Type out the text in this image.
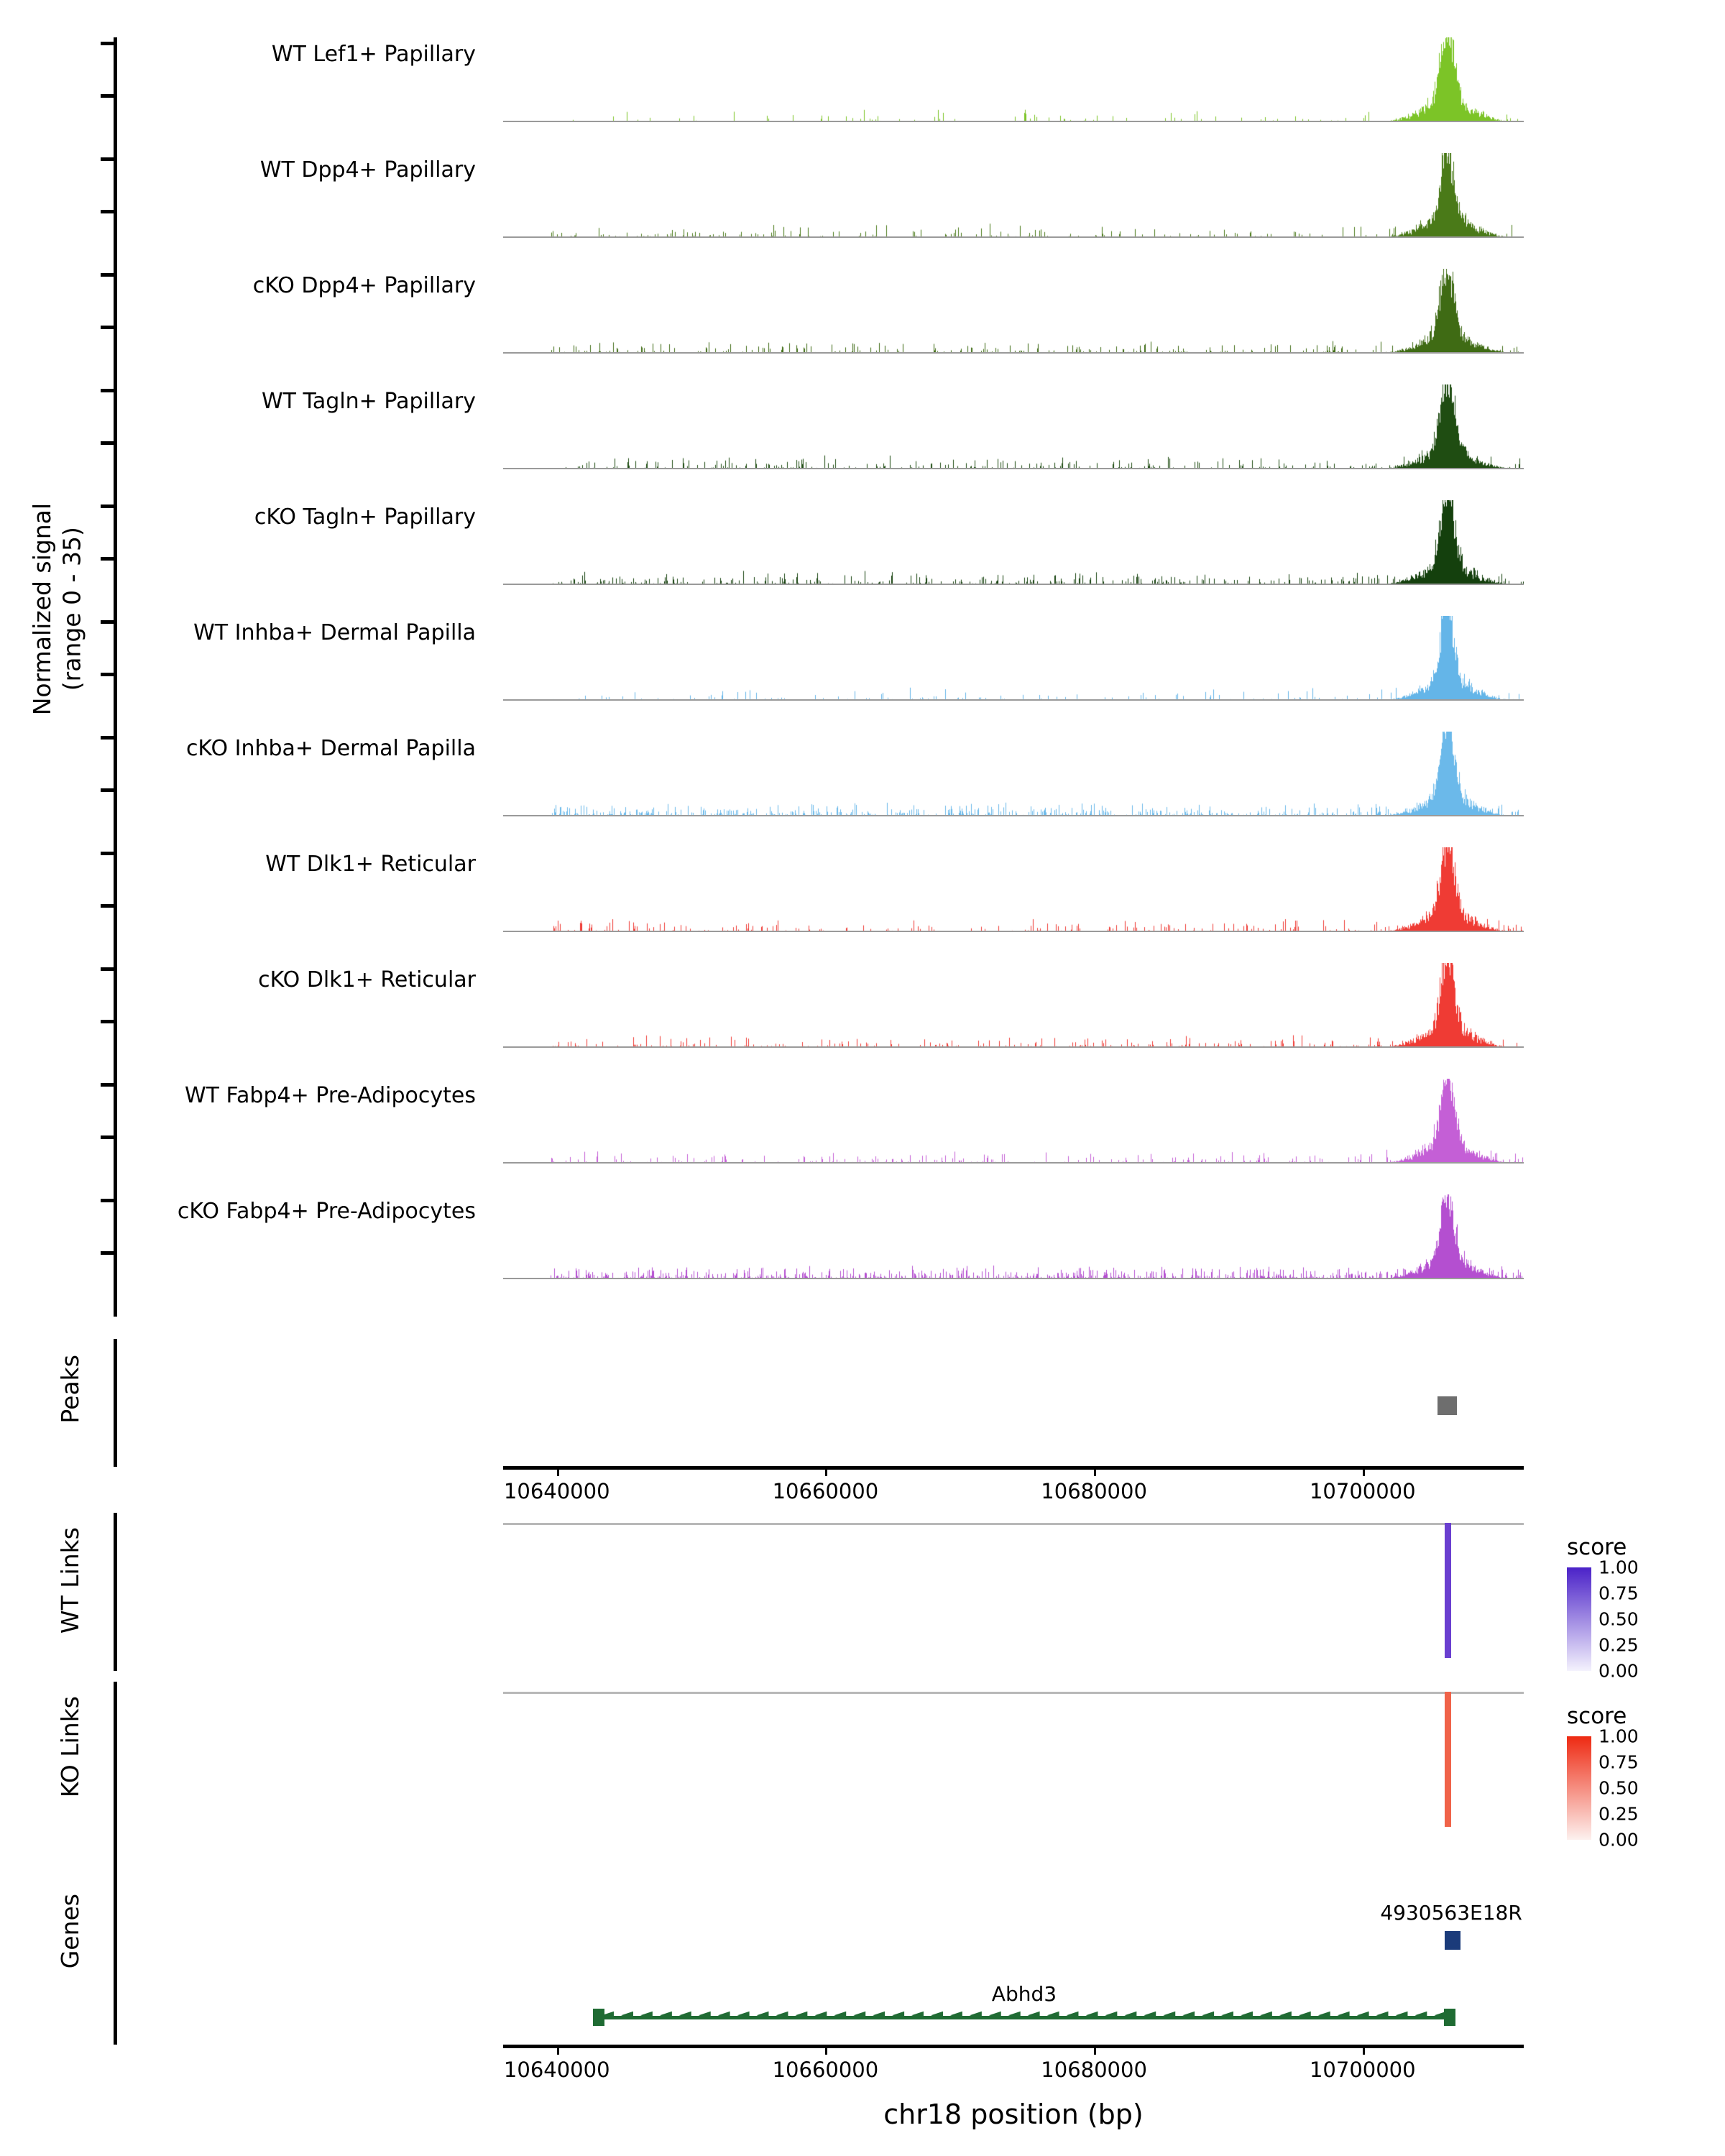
Normalized signal
(range 0 - 35)
WT Lef1+ Papillary
WT Dpp4+ Papillary
cKO Dpp4+ Papillary
WT Tagln+ Papillary
cKO Tagln+ Papillary
WT Inhba+ Dermal Papilla
cKO Inhba+ Dermal Papilla
WT Dlk1+ Reticular
cKO Dlk1+ Reticular
WT Fabp4+ Pre-Adipocytes
cKO Fabp4+ Pre-Adipocytes
Peaks
10640000	10660000	10680000	10700000
WT Links	score
1.00
0.75
0.50
0.25
0.00
KO Links	score
1.00
0.75
0.50
0.25
0.00
Genes	4930563E18R
→
Abhd3
◄ ◄ ◄ ◄ ◄ ◄ ◄ ◄ ◄ ◄ ◄ ◄ ◄ ◄ ◄ ◄ ◄ ◄ ◄ ◄ ◄ ◄ ◄ ◄ ◄ ◄ ◄ ◄ ◄ ◄ ◄ ◄ ◄ ◄ ◄ ◄ ◄ ◄ ◄ ◄ ◄ ◄ ◄ ◄
10640000	10660000	10680000	10700000
chr18 position (bp)
